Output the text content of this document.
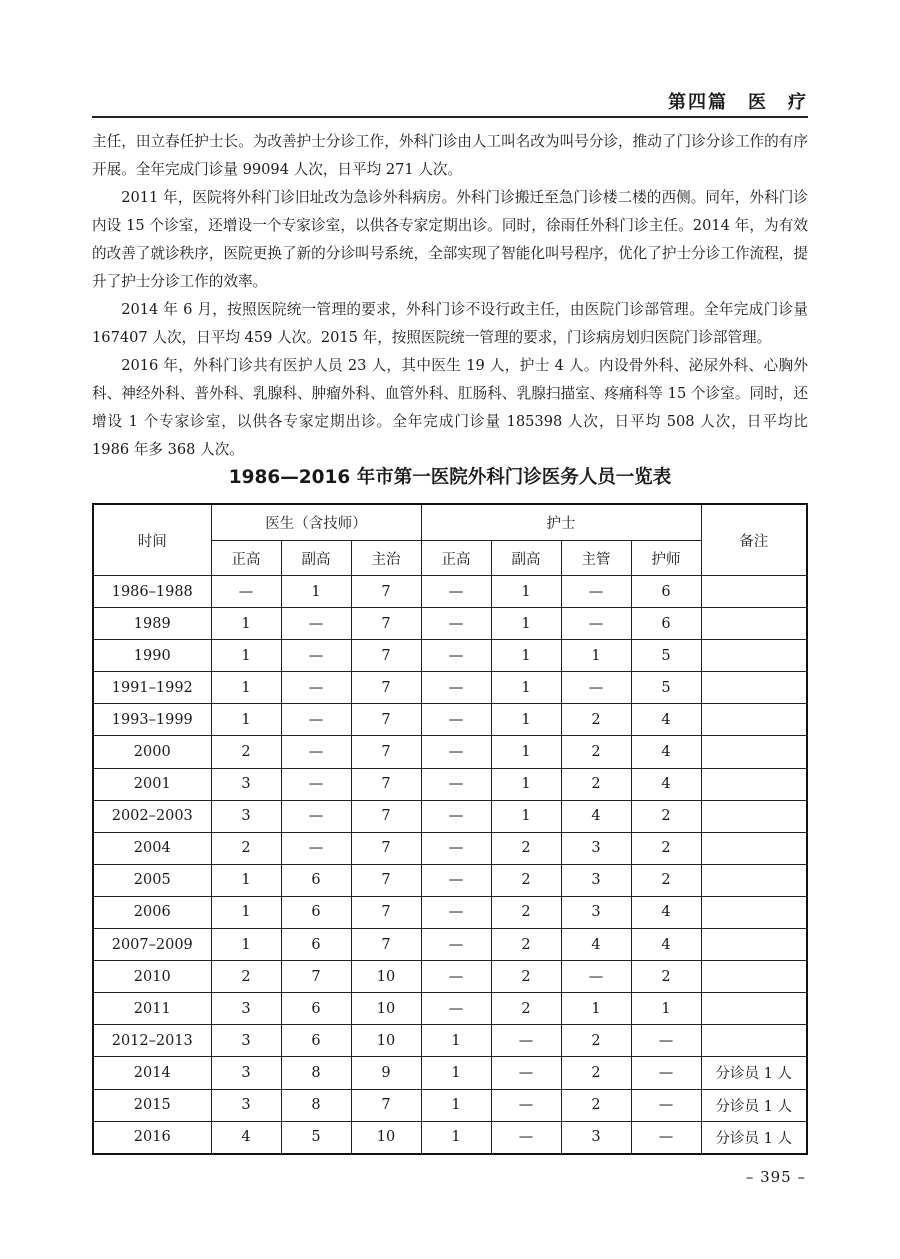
第四篇　医　疗

主任，田立春任护士长。为改善护士分诊工作，外科门诊由人工叫名改为叫号分诊，推动了门诊分诊工作的有序开展。全年完成门诊量 99094 人次，日平均 271 人次。

2011 年，医院将外科门诊旧址改为急诊外科病房。外科门诊搬迁至急门诊楼二楼的西侧。同年，外科门诊内设 15 个诊室，还增设一个专家诊室，以供各专家定期出诊。同时，徐雨任外科门诊主任。2014 年，为有效的改善了就诊秩序，医院更换了新的分诊叫号系统，全部实现了智能化叫号程序，优化了护士分诊工作流程，提升了护士分诊工作的效率。

2014 年 6 月，按照医院统一管理的要求，外科门诊不设行政主任，由医院门诊部管理。全年完成门诊量 167407 人次，日平均 459 人次。2015 年，按照医院统一管理的要求，门诊病房划归医院门诊部管理。

2016 年，外科门诊共有医护人员 23 人，其中医生 19 人，护士 4 人。内设骨外科、泌尿外科、心胸外科、神经外科、普外科、乳腺科、肿瘤外科、血管外科、肛肠科、乳腺扫描室、疼痛科等 15 个诊室。同时，还增设 1 个专家诊室，以供各专家定期出诊。全年完成门诊量 185398 人次，日平均 508 人次，日平均比 1986 年多 368 人次。

1986—2016 年市第一医院外科门诊医务人员一览表
时间	医生（含技师）			护士				备注
	正高	副高	主治	正高	副高	主管	护师	
1986–1988	—	1	7	—	1	—	6	
1989	1	—	7	—	1	—	6	
1990	1	—	7	—	1	1	5	
1991–1992	1	—	7	—	1	—	5	
1993–1999	1	—	7	—	1	2	4	
2000	2	—	7	—	1	2	4	
2001	3	—	7	—	1	2	4	
2002–2003	3	—	7	—	1	4	2	
2004	2	—	7	—	2	3	2	
2005	1	6	7	—	2	3	2	
2006	1	6	7	—	2	3	4	
2007–2009	1	6	7	—	2	4	4	
2010	2	7	10	—	2	—	2	
2011	3	6	10	—	2	1	1	
2012–2013	3	6	10	1	—	2	—	
2014	3	8	9	1	—	2	—	分诊员 1 人
2015	3	8	7	1	—	2	—	分诊员 1 人
2016	4	5	10	1	—	3	—	分诊员 1 人
– 395 –
